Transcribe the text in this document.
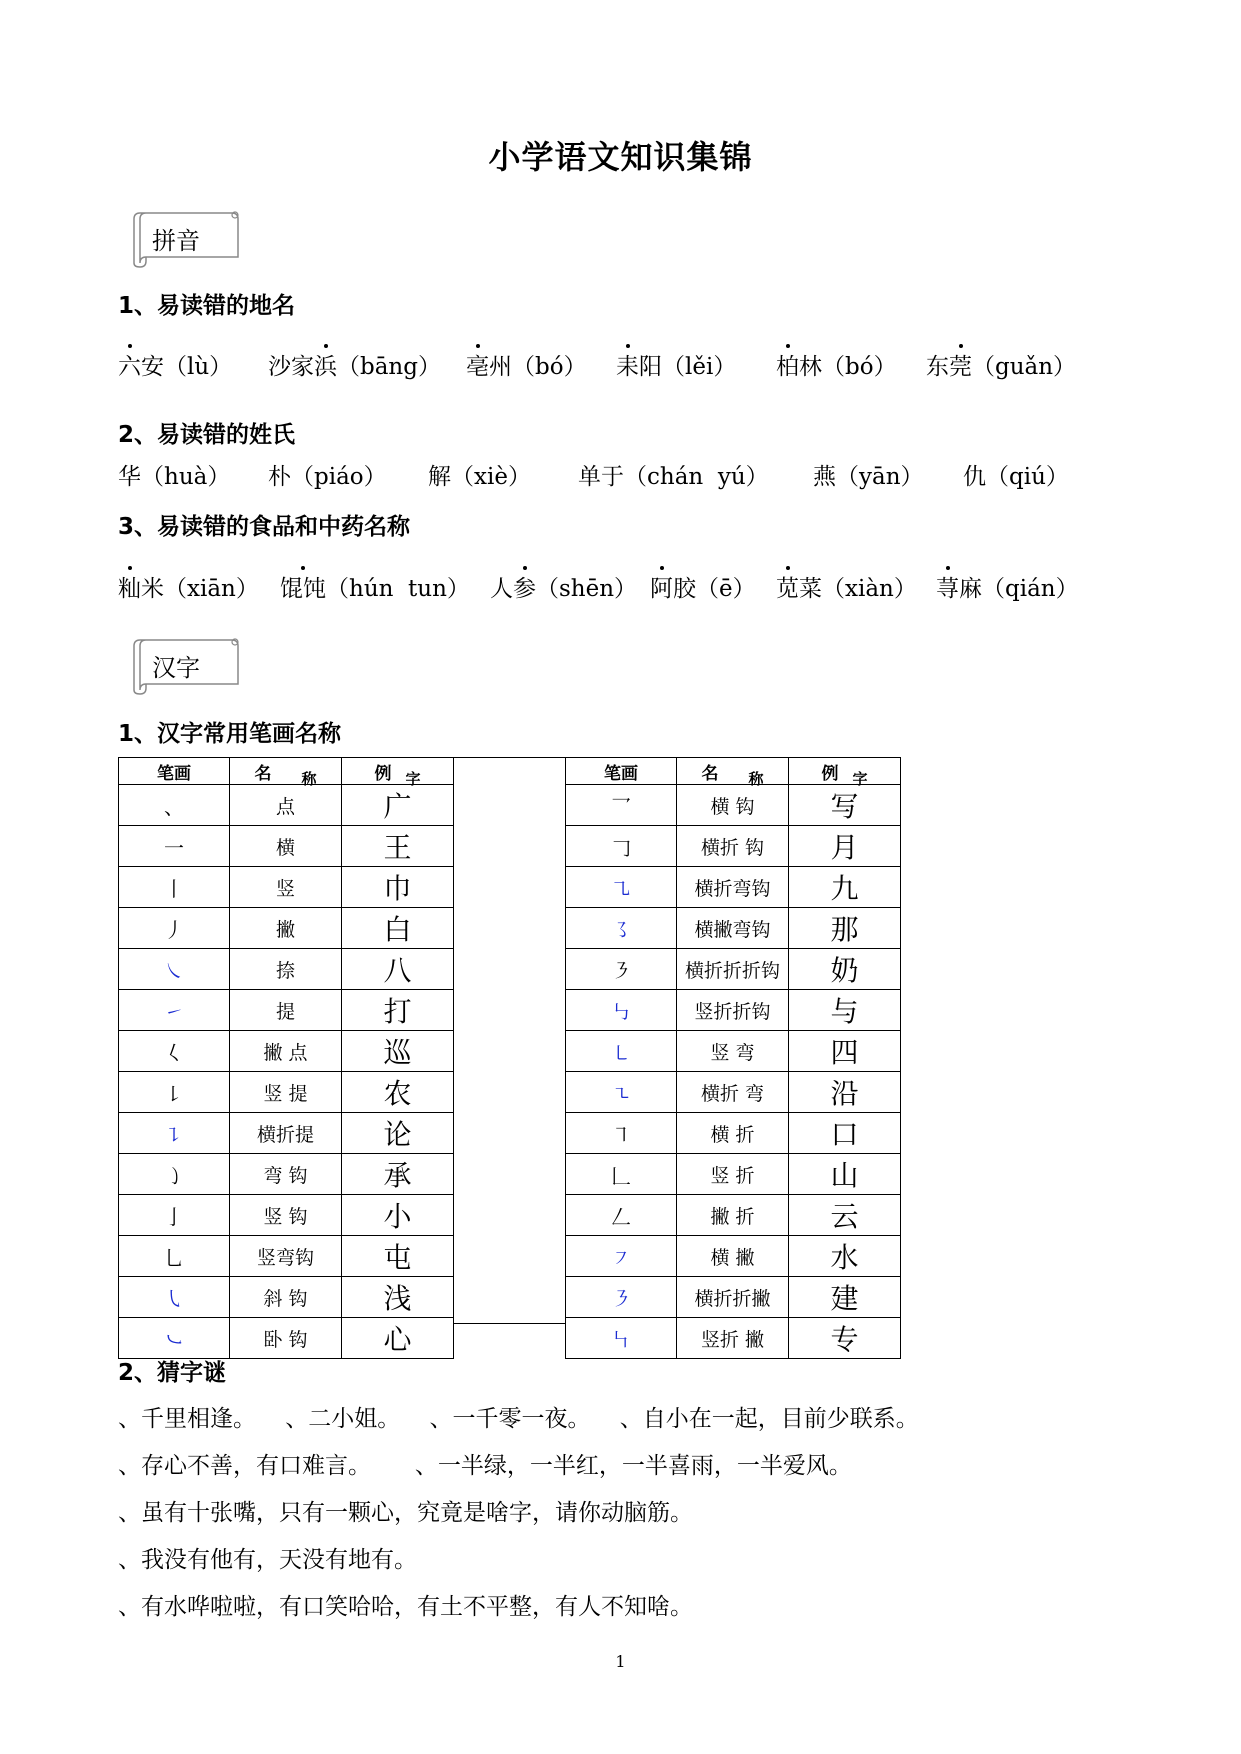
小学语文知识集锦
拼音
1、易读错的地名
六安（lù） 沙家浜（bāng） 亳州（bó） 耒阳（lěi） 柏林（bó） 东莞（guǎn）
2、易读错的姓氏
华（huà） 朴（piáo） 解（xiè） 单于（chán  yú） 燕（yān） 仇（qiú）
3、易读错的食品和中药名称
籼米（xiān） 馄饨（hún  tun） 人参（shēn） 阿胶（ē） 苋菜（xiàn） 荨麻（qián）
汉字
1、汉字常用笔画名称
笔画	名 称	例 字
、	点	广
一	横	王
丨	竖	巾
丿	撇	白
㇏	捺	八
㇀	提	打
𡿨	撇 点	巡
㇙	竖 提	农
㇊	横折提	论
㇁	弯 钩	承
亅	竖 钩	小
乚	竖弯钩	屯
㇂	斜 钩	浅
㇃	卧 钩	心
笔画	名 称	例 字
乛	横 钩	写
𠃌	横折 钩	月
㇈	横折弯钩	九
㇌	横撇弯钩	那
㇋	横折折折钩	奶
㇉	竖折折钩	与
㇄	竖 弯	四
㇍	横折 弯	沿
㇕	横 折	口
𠃊	竖 折	山
𠃋	撇 折	云
㇇	横 撇	水
㇋	横折折撇	建
㇞	竖折 撇	专
2、猜字谜
、千里相逢。    、二小姐。    、一千零一夜。    、自小在一起，目前少联系。
、存心不善，有口难言。      、一半绿，一半红，一半喜雨，一半爱风。
、虽有十张嘴，只有一颗心，究竟是啥字，请你动脑筋。
、我没有他有，天没有地有。
、有水哗啦啦，有口笑哈哈，有土不平整，有人不知啥。
1
